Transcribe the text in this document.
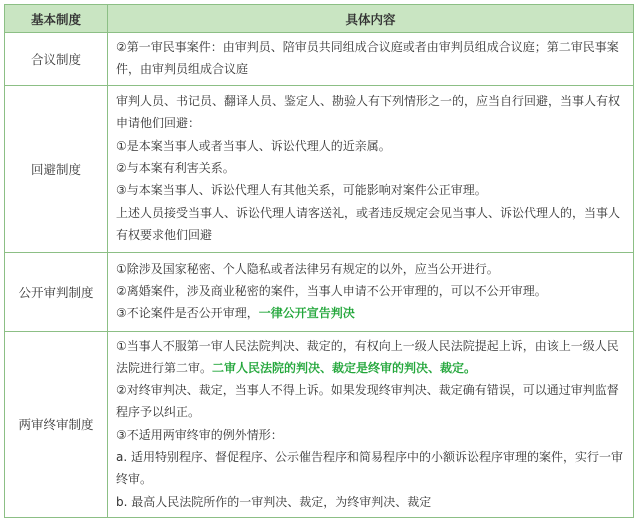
基本制度	具体内容
合议制度	②第一审民事案件：由审判员、陪审员共同组成合议庭或者由审判员组成合议庭；第二审民事案件，由审判员组成合议庭

回避制度	审判人员、书记员、翻译人员、鉴定人、勘验人有下列情形之一的，应当自行回避，当事人有权申请他们回避：
①是本案当事人或者当事人、诉讼代理人的近亲属。
②与本案有利害关系。
③与本案当事人、诉讼代理人有其他关系，可能影响对案件公正审理。
上述人员接受当事人、诉讼代理人请客送礼，或者违反规定会见当事人、诉讼代理人的，当事人有权要求他们回避

公开审判制度	①除涉及国家秘密、个人隐私或者法律另有规定的以外，应当公开进行。
②离婚案件，涉及商业秘密的案件，当事人申请不公开审理的，可以不公开审理。
③不论案件是否公开审理，一律公开宣告判决

两审终审制度	①当事人不服第一审人民法院判决、裁定的，有权向上一级人民法院提起上诉，由该上一级人民法院进行第二审。二审人民法院的判决、裁定是终审的判决、裁定。
②对终审判决、裁定，当事人不得上诉。如果发现终审判决、裁定确有错误，可以通过审判监督程序予以纠正。
③不适用两审终审的例外情形：
a. 适用特别程序、督促程序、公示催告程序和简易程序中的小额诉讼程序审理的案件，实行一审终审。
b. 最高人民法院所作的一审判决、裁定，为终审判决、裁定
